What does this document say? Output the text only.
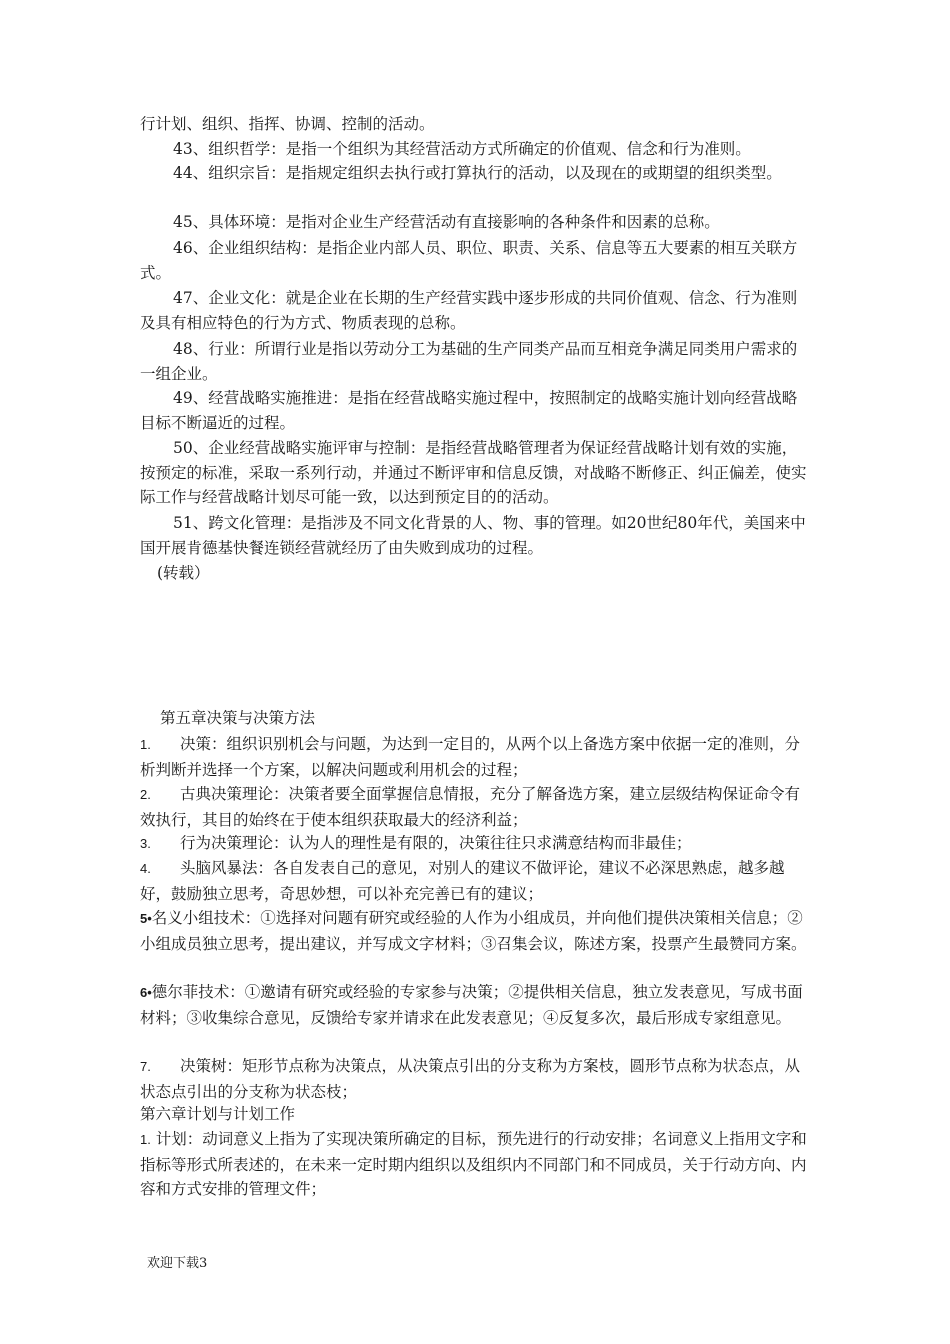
行计划、组织、指挥、协调、控制的活动。

43、组织哲学：是指一个组织为其经营活动方式所确定的价值观、信念和行为准则。

44、组织宗旨：是指规定组织去执行或打算执行的活动，以及现在的或期望的组织类型。

45、具体环境：是指对企业生产经营活动有直接影响的各种条件和因素的总称。

46、企业组织结构：是指企业内部人员、职位、职责、关系、信息等五大要素的相互关联方式。

47、企业文化：就是企业在长期的生产经营实践中逐步形成的共同价值观、信念、行为准则及具有相应特色的行为方式、物质表现的总称。

48、行业：所谓行业是指以劳动分工为基础的生产同类产品而互相竞争满足同类用户需求的一组企业。

49、经营战略实施推进：是指在经营战略实施过程中，按照制定的战略实施计划向经营战略目标不断逼近的过程。

50、企业经营战略实施评审与控制：是指经营战略管理者为保证经营战略计划有效的实施，按预定的标准，采取一系列行动，并通过不断评审和信息反馈，对战略不断修正、纠正偏差，使实际工作与经营战略计划尽可能一致，以达到预定目的的活动。

51、跨文化管理：是指涉及不同文化背景的人、物、事的管理。如20世纪80年代，美国来中国开展肯德基快餐连锁经营就经历了由失败到成功的过程。

(转载）

第五章决策与决策方法

1. 决策：组织识别机会与问题，为达到一定目的，从两个以上备选方案中依据一定的准则，分析判断并选择一个方案，以解决问题或利用机会的过程；

2. 古典决策理论：决策者要全面掌握信息情报，充分了解备选方案，建立层级结构保证命令有效执行，其目的始终在于使本组织获取最大的经济利益；

3. 行为决策理论：认为人的理性是有限的，决策往往只求满意结构而非最佳；

4. 头脑风暴法：各自发表自己的意见，对别人的建议不做评论，建议不必深思熟虑，越多越好，鼓励独立思考，奇思妙想，可以补充完善已有的建议；

5•名义小组技术：①选择对问题有研究或经验的人作为小组成员，并向他们提供决策相关信息；②小组成员独立思考，提出建议，并写成文字材料；③召集会议，陈述方案，投票产生最赞同方案。

6•德尔菲技术：①邀请有研究或经验的专家参与决策；②提供相关信息，独立发表意见，写成书面材料；③收集综合意见，反馈给专家并请求在此发表意见；④反复多次，最后形成专家组意见。

7. 决策树：矩形节点称为决策点，从决策点引出的分支称为方案枝，圆形节点称为状态点，从状态点引出的分支称为状态枝；

第六章计划与计划工作

1. 计划：动词意义上指为了实现决策所确定的目标，预先进行的行动安排；名词意义上指用文字和指标等形式所表述的，在未来一定时期内组织以及组织内不同部门和不同成员，关于行动方向、内容和方式安排的管理文件；

欢迎下载3
